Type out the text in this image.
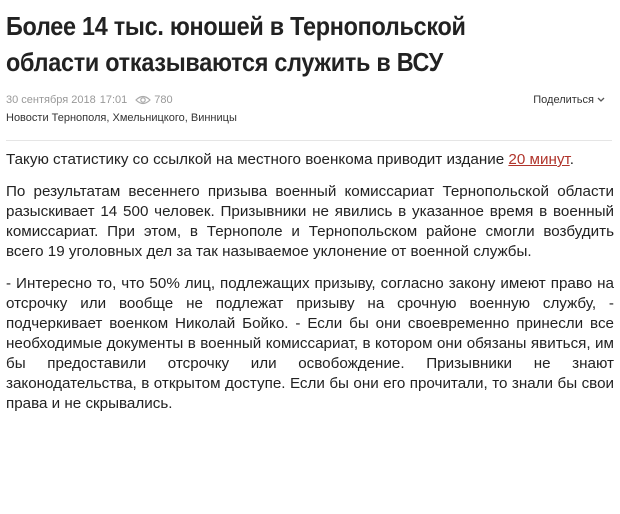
Более 14 тыс. юношей в Тернопольской области отказываются служить в ВСУ
30 сентября 2018 17:01 780	Поделиться
Новости Тернополя, Хмельницкого, Винницы

Такую статистику со ссылкой на местного военкома приводит издание 20 минут.

По результатам весеннего призыва военный комиссариат Тернопольской области разыскивает 14 500 человек. Призывники не явились в указанное время в военный комиссариат. При этом, в Тернополе и Тернопольском районе смогли возбудить всего 19 уголовных дел за так называемое уклонение от военной службы.

- Интересно то, что 50% лиц, подлежащих призыву, согласно закону имеют право на отсрочку или вообще не подлежат призыву на срочную военную службу, - подчеркивает военком Николай Бойко. - Если бы они своевременно принесли все необходимые документы в военный комиссариат, в котором они обязаны явиться, им бы предоставили отсрочку или освобождение. Призывники не знают законодательства, в открытом доступе. Если бы они его прочитали, то знали бы свои права и не скрывались.
